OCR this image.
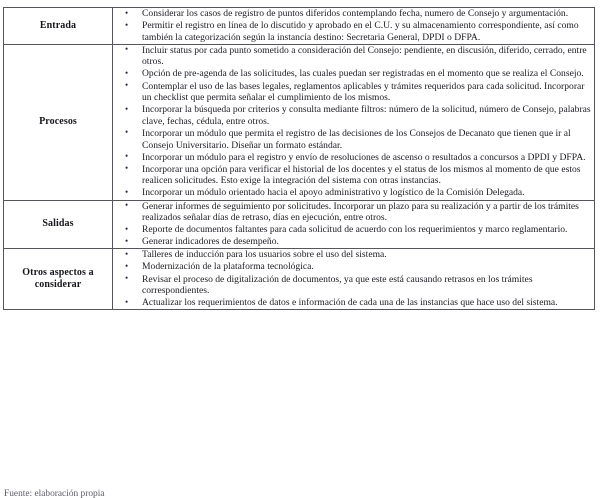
Entrada	
• Considerar los casos de registro de puntos diferidos contemplando fecha, numero de Consejo y argumentación.
• Permitir el registro en línea de lo discutido y aprobado en el C.U. y su almacenamiento correspondiente, así como también la categorización según la instancia destino: Secretaria General, DPDI o DFPA.

Procesos	
• Incluir status por cada punto sometido a consideración del Consejo: pendiente, en discusión, diferido, cerrado, entre otros.
• Opción de pre-agenda de las solicitudes, las cuales puedan ser registradas en el momento que se realiza el Consejo.
• Contemplar el uso de las bases legales, reglamentos aplicables y trámites requeridos para cada solicitud. Incorporar un checklist que permita señalar el cumplimiento de los mismos.
• Incorporar la búsqueda por criterios y consulta mediante filtros: número de la solicitud, número de Consejo, palabras clave, fechas, cédula, entre otros.
• Incorporar un módulo que permita el registro de las decisiones de los Consejos de Decanato que tienen que ir al Consejo Universitario. Diseñar un formato estándar.
• Incorporar un módulo para el registro y envío de resoluciones de ascenso o resultados a concursos a DPDI y DFPA.
• Incorporar una opción para verificar el historial de los docentes y el status de los mismos al momento de que estos realicen solicitudes. Esto exige la integración del sistema con otras instancias.
• Incorporar un módulo orientado hacia el apoyo administrativo y logístico de la Comisión Delegada.

Salidas	
• Generar informes de seguimiento por solicitudes. Incorporar un plazo para su realización y a partir de los trámites realizados señalar días de retraso, días en ejecución, entre otros.
• Reporte de documentos faltantes para cada solicitud de acuerdo con los requerimientos y marco reglamentario.
• Generar indicadores de desempeño.

Otros aspectos a considerar	
• Talleres de inducción para los usuarios sobre el uso del sistema.
• Modernización de la plataforma tecnológica.
• Revisar el proceso de digitalización de documentos, ya que este está causando retrasos en los trámites correspondientes.
• Actualizar los requerimientos de datos e información de cada una de las instancias que hace uso del sistema.
Fuente: elaboración propia
